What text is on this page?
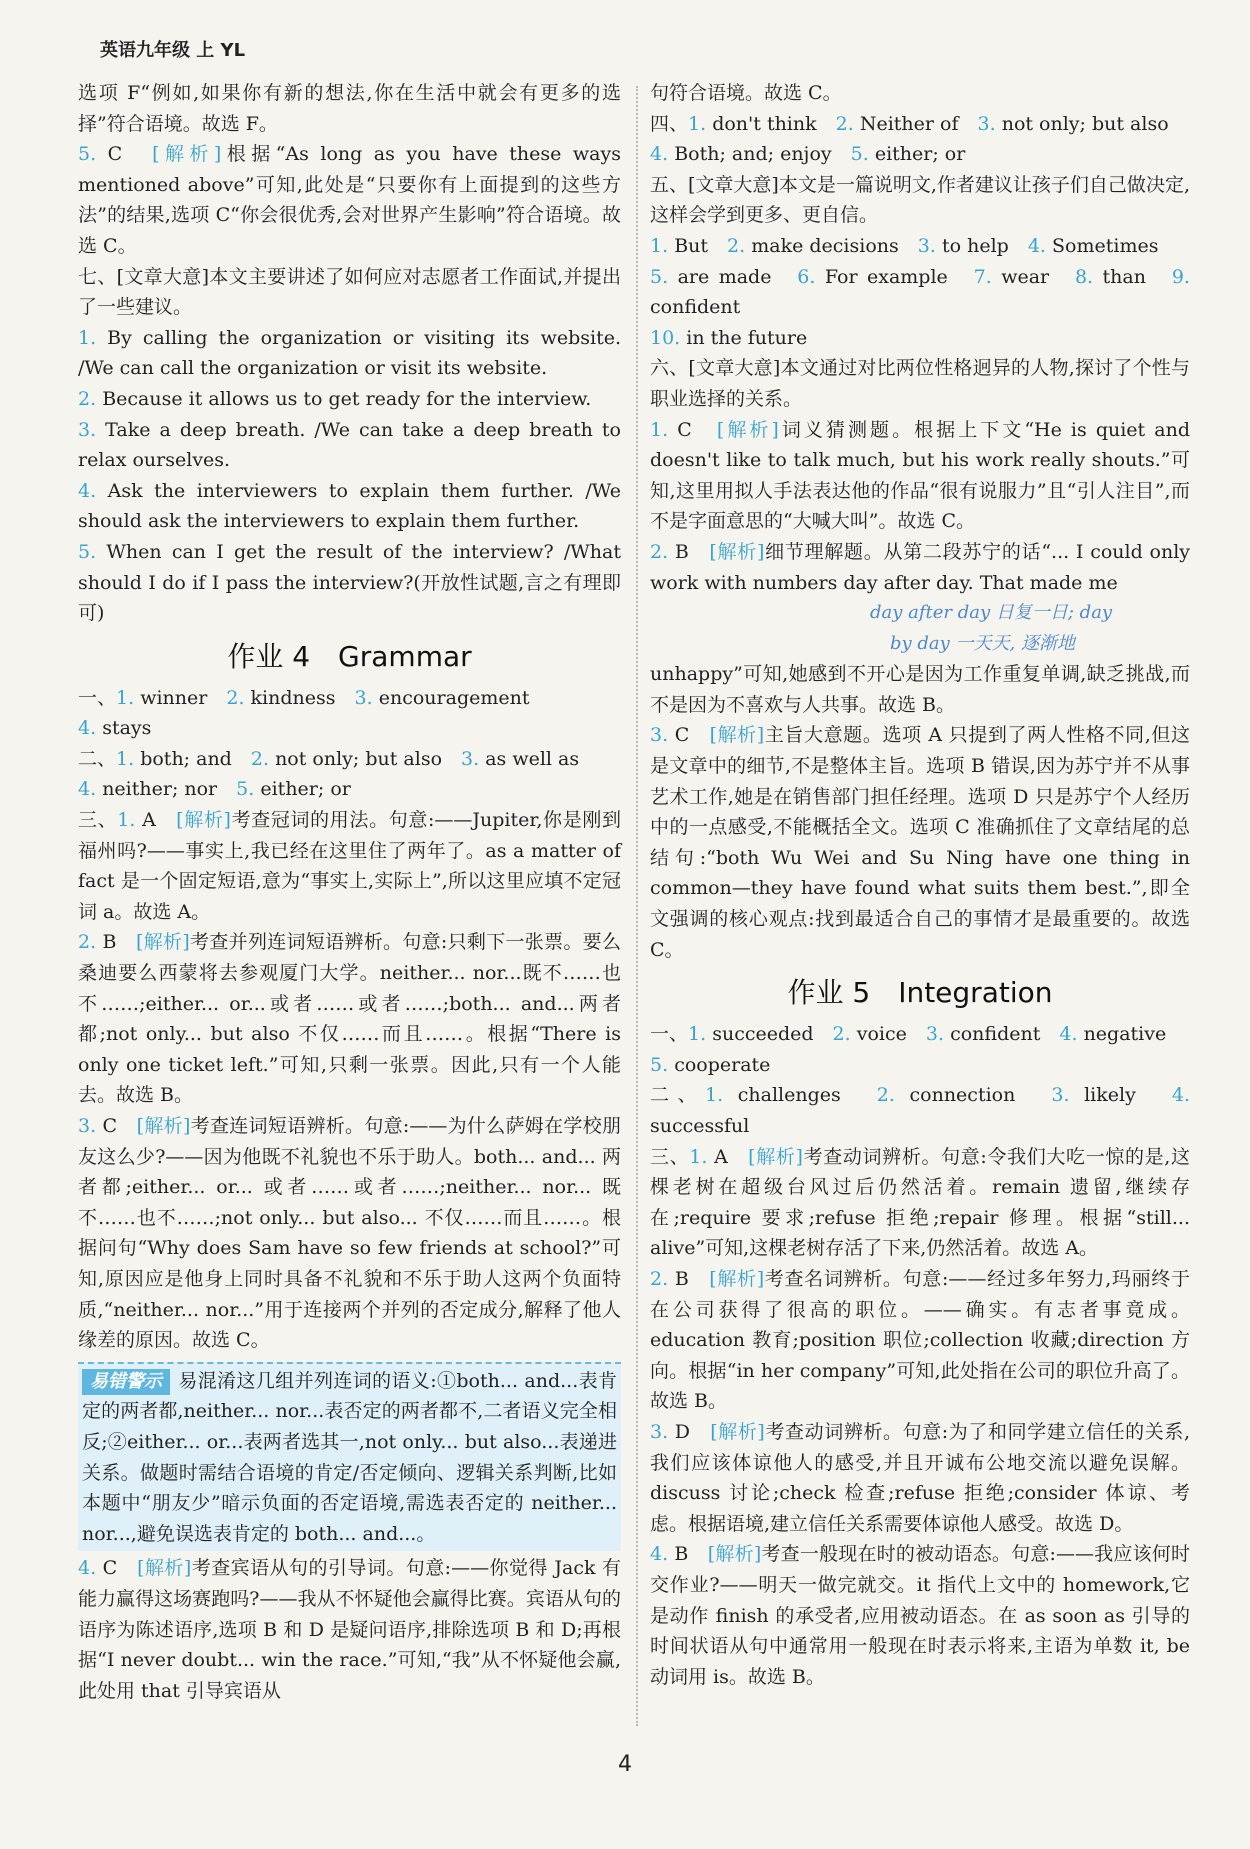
英语九年级 上 YL
选项 F“例如,如果你有新的想法,你在生活中就会有更多的选择”符合语境。故选 F。
5. C　 [解析]根据“As long as you have these ways mentioned above”可知,此处是“只要你有上面提到的这些方法”的结果,选项 C“你会很优秀,会对世界产生影响”符合语境。故选 C。
七、[文章大意]本文主要讲述了如何应对志愿者工作面试,并提出了一些建议。
1. By calling the organization or visiting its website. /We can call the organization or visit its website.
2. Because it allows us to get ready for the interview.
3. Take a deep breath. /We can take a deep breath to relax ourselves.
4. Ask the interviewers to explain them further. /We should ask the interviewers to explain them further.
5. When can I get the result of the interview? /What should I do if I pass the interview?(开放性试题,言之有理即可)
作业 4　Grammar
一、1. winner　 2. kindness　 3. encouragement
4. stays
二、1. both; and　 2. not only; but also　 3. as well as
4. neither; nor　 5. either; or
三、1. A　 [解析]考查冠词的用法。句意:——Jupiter,你是刚到福州吗?——事实上,我已经在这里住了两年了。as a matter of fact 是一个固定短语,意为“事实上,实际上”,所以这里应填不定冠词 a。故选 A。
2. B　 [解析]考查并列连词短语辨析。句意:只剩下一张票。要么桑迪要么西蒙将去参观厦门大学。neither... nor...既不……也不……;either... or...或者……或者……;both... and...两者都;not only... but also 不仅……而且……。根据“There is only one ticket left.”可知,只剩一张票。因此,只有一个人能去。故选 B。
3. C　 [解析]考查连词短语辨析。句意:——为什么萨姆在学校朋友这么少?——因为他既不礼貌也不乐于助人。both... and... 两者都;either... or... 或者……或者……;neither... nor... 既不……也不……;not only... but also... 不仅……而且……。根据问句“Why does Sam have so few friends at school?”可知,原因应是他身上同时具备不礼貌和不乐于助人这两个负面特质,“neither... nor...”用于连接两个并列的否定成分,解释了他人缘差的原因。故选 C。
易错警示 易混淆这几组并列连词的语义:①both... and...表肯定的两者都,neither... nor...表否定的两者都不,二者语义完全相反;②either... or...表两者选其一,not only... but also...表递进关系。做题时需结合语境的肯定/否定倾向、逻辑关系判断,比如本题中“朋友少”暗示负面的否定语境,需选表否定的 neither... nor...,避免误选表肯定的 both... and...。
4. C　 [解析]考查宾语从句的引导词。句意:——你觉得 Jack 有能力赢得这场赛跑吗?——我从不怀疑他会赢得比赛。宾语从句的语序为陈述语序,选项 B 和 D 是疑问语序,排除选项 B 和 D;再根据“I never doubt... win the race.”可知,“我”从不怀疑他会赢,此处用 that 引导宾语从
句符合语境。故选 C。
四、1. don't think　 2. Neither of　 3. not only; but also
4. Both; and; enjoy　 5. either; or
五、[文章大意]本文是一篇说明文,作者建议让孩子们自己做决定,这样会学到更多、更自信。
1. But　 2. make decisions　 3. to help　 4. Sometimes
5. are made　 6. For example　 7. wear　 8. than　 9. confident
10. in the future
六、[文章大意]本文通过对比两位性格迥异的人物,探讨了个性与职业选择的关系。
1. C　 [解析]词义猜测题。根据上下文“He is quiet and doesn't like to talk much, but his work really shouts.”可知,这里用拟人手法表达他的作品“很有说服力”且“引人注目”,而不是字面意思的“大喊大叫”。故选 C。
2. B　 [解析]细节理解题。从第二段苏宁的话“... I could only work with numbers day after day. That made me
day after day 日复一日; day
by day 一天天, 逐渐地
unhappy”可知,她感到不开心是因为工作重复单调,缺乏挑战,而不是因为不喜欢与人共事。故选 B。
3. C　 [解析]主旨大意题。选项 A 只提到了两人性格不同,但这是文章中的细节,不是整体主旨。选项 B 错误,因为苏宁并不从事艺术工作,她是在销售部门担任经理。选项 D 只是苏宁个人经历中的一点感受,不能概括全文。选项 C 准确抓住了文章结尾的总结句:“both Wu Wei and Su Ning have one thing in common—they have found what suits them best.”,即全文强调的核心观点:找到最适合自己的事情才是最重要的。故选 C。
作业 5　Integration
一、1. succeeded　 2. voice　 3. confident　 4. negative
5. cooperate
二、1. challenges　 2. connection　 3. likely　 4. successful
三、1. A　 [解析]考查动词辨析。句意:令我们大吃一惊的是,这棵老树在超级台风过后仍然活着。remain 遗留,继续存在;require 要求;refuse 拒绝;repair 修理。根据“still... alive”可知,这棵老树存活了下来,仍然活着。故选 A。
2. B　 [解析]考查名词辨析。句意:——经过多年努力,玛丽终于在公司获得了很高的职位。——确实。有志者事竟成。education 教育;position 职位;collection 收藏;direction 方向。根据“in her company”可知,此处指在公司的职位升高了。故选 B。
3. D　 [解析]考查动词辨析。句意:为了和同学建立信任的关系,我们应该体谅他人的感受,并且开诚布公地交流以避免误解。discuss 讨论;check 检查;refuse 拒绝;consider 体谅、考虑。根据语境,建立信任关系需要体谅他人感受。故选 D。
4. B　 [解析]考查一般现在时的被动语态。句意:——我应该何时交作业?——明天一做完就交。it 指代上文中的 homework,它是动作 finish 的承受者,应用被动语态。在 as soon as 引导的时间状语从句中通常用一般现在时表示将来,主语为单数 it, be 动词用 is。故选 B。
4
